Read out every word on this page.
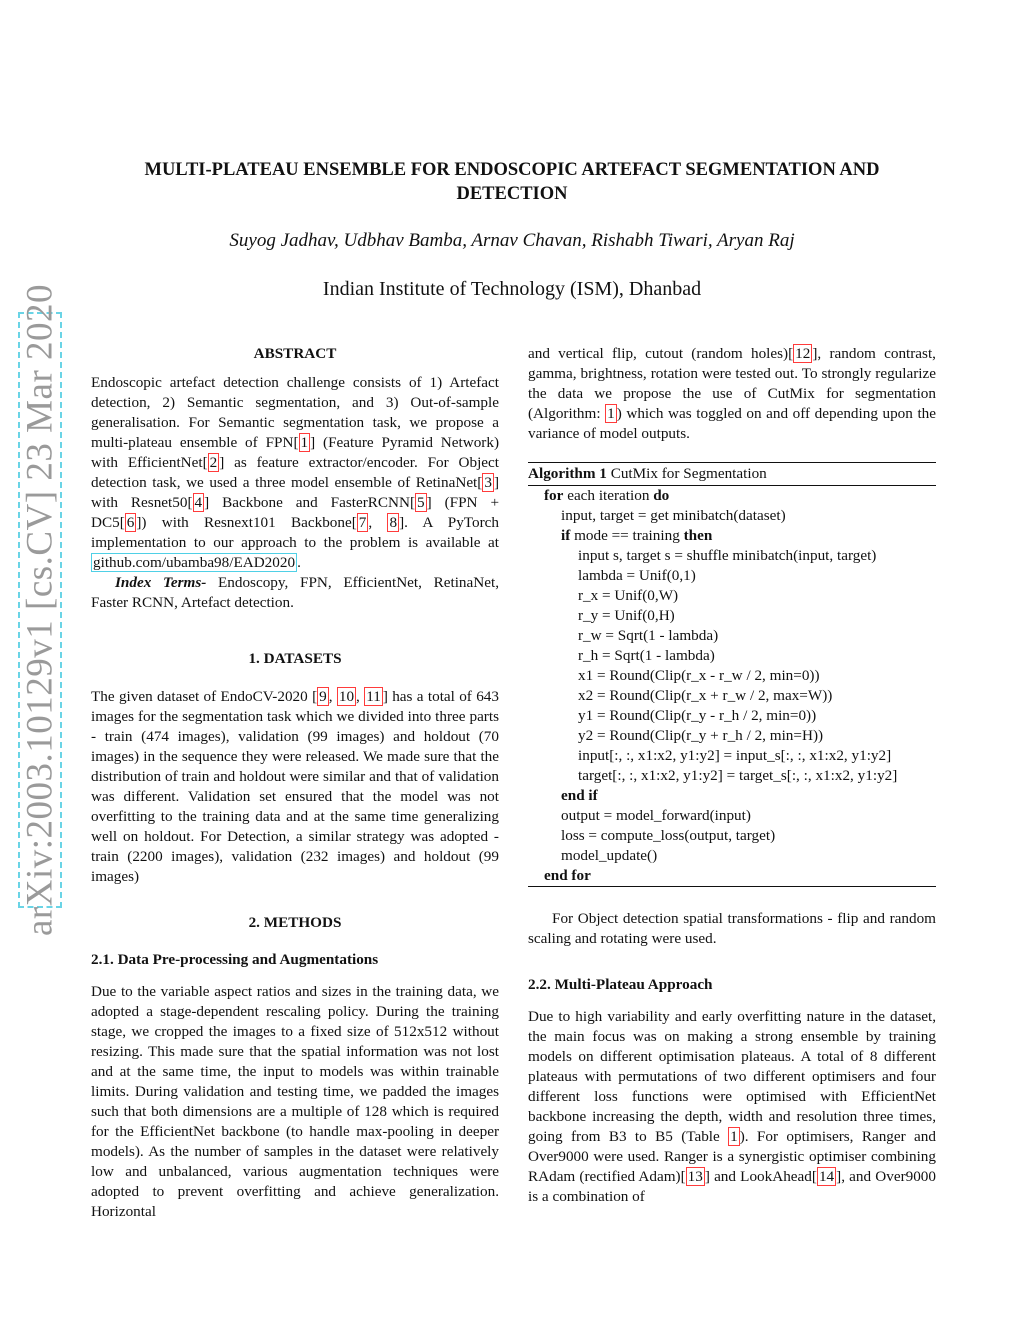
arXiv:2003.10129v1 [cs.CV] 23 Mar 2020
MULTI-PLATEAU ENSEMBLE FOR ENDOSCOPIC ARTEFACT SEGMENTATION AND DETECTION
Suyog Jadhav, Udbhav Bamba, Arnav Chavan, Rishabh Tiwari, Aryan Raj
Indian Institute of Technology (ISM), Dhanbad
ABSTRACT

Endoscopic artefact detection challenge consists of 1) Artefact detection, 2) Semantic segmentation, and 3) Out-of-sample generalisation. For Semantic segmentation task, we propose a multi-plateau ensemble of FPN[ 1 ] (Feature Pyramid Network) with EfficientNet[ 2 ] as feature extractor/encoder. For Object detection task, we used a three model ensemble of RetinaNet[ 3 ] with Resnet50[ 4 ] Backbone and FasterRCNN[ 5 ] (FPN + DC5[ 6 ]) with Resnext101 Backbone[ 7 , 8 ]. A PyTorch implementation to our approach to the problem is available at github.com/ubamba98/EAD2020 .

Index Terms- Endoscopy, FPN, EfficientNet, RetinaNet, Faster RCNN, Artefact detection.

1. DATASETS

The given dataset of EndoCV-2020 [ 9 , 10 , 11 ] has a total of 643 images for the segmentation task which we divided into three parts - train (474 images), validation (99 images) and holdout (70 images) in the sequence they were released. We made sure that the distribution of train and holdout were similar and that of validation was different. Validation set ensured that the model was not overfitting to the training data and at the same time generalizing well on holdout. For Detection, a similar strategy was adopted - train (2200 images), validation (232 images) and holdout (99 images)

2. METHODS
2.1. Data Pre-processing and Augmentations

Due to the variable aspect ratios and sizes in the training data, we adopted a stage-dependent rescaling policy. During the training stage, we cropped the images to a fixed size of 512x512 without resizing. This made sure that the spatial information was not lost and at the same time, the input to models was within trainable limits. During validation and testing time, we padded the images such that both dimensions are a multiple of 128 which is required for the EfficientNet backbone (to handle max-pooling in deeper models). As the number of samples in the dataset were relatively low and unbalanced, various augmentation techniques were adopted to prevent overfitting and achieve generalization. Horizontal

and vertical flip, cutout (random holes)[ 12 ], random contrast, gamma, brightness, rotation were tested out. To strongly regularize the data we propose the use of CutMix for segmentation (Algorithm: 1 ) which was toggled on and off depending upon the variance of model outputs.

Algorithm 1 CutMix for Segmentation
for each iteration do
input, target = get minibatch(dataset)
if mode == training then
input s, target s = shuffle minibatch(input, target)
lambda = Unif(0,1)
r_x = Unif(0,W)
r_y = Unif(0,H)
r_w = Sqrt(1 - lambda)
r_h = Sqrt(1 - lambda)
x1 = Round(Clip(r_x - r_w / 2, min=0))
x2 = Round(Clip(r_x + r_w / 2, max=W))
y1 = Round(Clip(r_y - r_h / 2, min=0))
y2 = Round(Clip(r_y + r_h / 2, min=H))
input[:, :, x1:x2, y1:y2] = input_s[:, :, x1:x2, y1:y2]
target[:, :, x1:x2, y1:y2] = target_s[:, :, x1:x2, y1:y2]
end if
output = model_forward(input)
loss = compute_loss(output, target)
model_update()
end for

For Object detection spatial transformations - flip and random scaling and rotating were used.

2.2. Multi-Plateau Approach

Due to high variability and early overfitting nature in the dataset, the main focus was on making a strong ensemble by training models on different optimisation plateaus. A total of 8 different plateaus with permutations of two different optimisers and four different loss functions were optimised with EfficientNet backbone increasing the depth, width and resolution three times, going from B3 to B5 (Table 1 ). For optimisers, Ranger and Over9000 were used. Ranger is a synergistic optimiser combining RAdam (rectified Adam)[ 13 ] and LookAhead[ 14 ], and Over9000 is a combination of
